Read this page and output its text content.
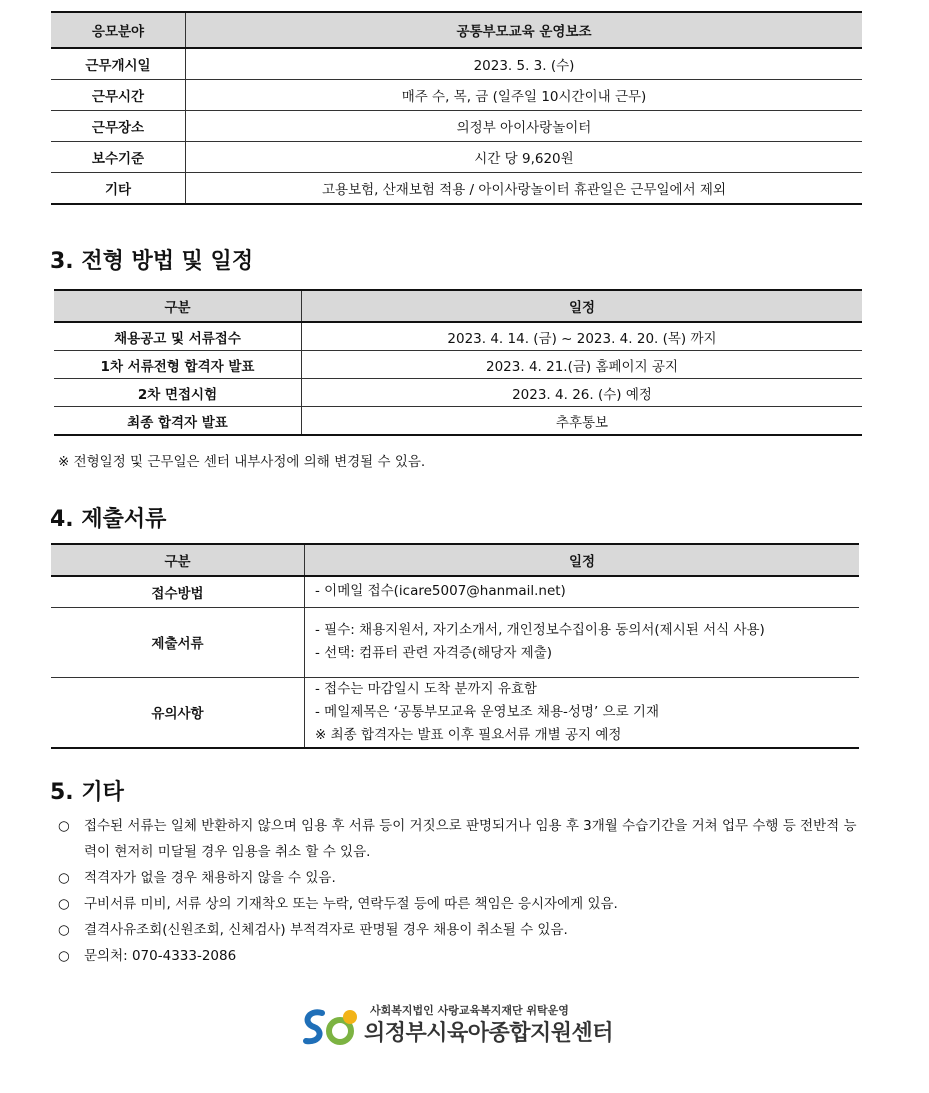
응모분야	공통부모교육 운영보조
근무개시일	2023. 5. 3. (수)
근무시간	매주 수, 목, 금 (일주일 10시간이내 근무)
근무장소	의정부 아이사랑놀이터
보수기준	시간 당 9,620원
기타	고용보험, 산재보험 적용 / 아이사랑놀이터 휴관일은 근무일에서 제외
3. 전형 방법 및 일정
구분	일정
채용공고 및 서류접수	2023. 4. 14. (금) ~ 2023. 4. 20. (목) 까지
1차 서류전형 합격자 발표	2023. 4. 21.(금) 홈페이지 공지
2차 면접시험	2023. 4. 26. (수) 예정
최종 합격자 발표	추후통보
※ 전형일정 및 근무일은 센터 내부사정에 의해 변경될 수 있음.
4. 제출서류
구분	일정
접수방법	- 이메일 접수(icare5007@hanmail.net)

제출서류	- 필수: 채용지원서, 자기소개서, 개인정보수집이용 동의서(제시된 서식 사용)
- 선택: 컴퓨터 관련 자격증(해당자 제출)

유의사항	- 접수는 마감일시 도착 분까지 유효함
- 메일제목은 ‘공통부모교육 운영보조 채용-성명’ 으로 기재
※ 최종 합격자는 발표 이후 필요서류 개별 공지 예정
5. 기타
○ 접수된 서류는 일체 반환하지 않으며 임용 후 서류 등이 거짓으로 판명되거나 임용 후 3개월 수습기간을 거쳐 업무 수행 등 전반적 능력이 현저히 미달될 경우 임용을 취소 할 수 있음.
○ 적격자가 없을 경우 채용하지 않을 수 있음.
○ 구비서류 미비, 서류 상의 기재착오 또는 누락, 연락두절 등에 따른 책임은 응시자에게 있음.
○ 결격사유조회(신원조회, 신체검사) 부적격자로 판명될 경우 채용이 취소될 수 있음.
○ 문의처: 070-4333-2086
사회복지법인 사랑교육복지재단 위탁운영
의정부시육아종합지원센터
